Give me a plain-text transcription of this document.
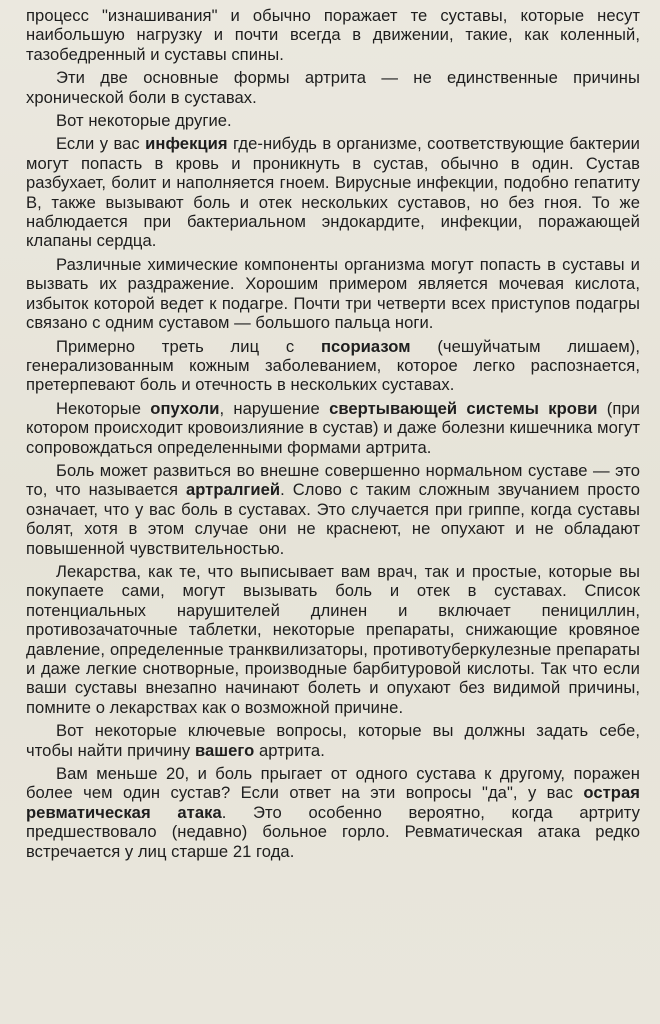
процесс "изнашивания" и обычно поражает те суставы, которые несут наибольшую нагрузку и почти всегда в движении, такие, как коленный, тазобедренный и суставы спины.

Эти две основные формы артрита — не единственные причины хронической боли в суставах.

Вот некоторые другие.

Если у вас инфекция где-нибудь в организме, соответствующие бактерии могут попасть в кровь и проникнуть в сустав, обычно в один. Сустав разбухает, болит и наполняется гноем. Вирусные инфекции, подобно гепатиту В, также вызывают боль и отек нескольких суставов, но без гноя. То же наблюдается при бактериальном эндокардите, инфекции, поражающей клапаны сердца.

Различные химические компоненты организма могут попасть в суставы и вызвать их раздражение. Хорошим примером является мочевая кислота, избыток которой ведет к подагре. Почти три четверти всех приступов подагры связано с одним суставом — большого пальца ноги.

Примерно треть лиц с псориазом (чешуйчатым лишаем), генерализованным кожным заболеванием, которое легко распознается, претерпевают боль и отечность в нескольких суставах.

Некоторые опухоли, нарушение свертывающей системы крови (при котором происходит кровоизлияние в сустав) и даже болезни кишечника могут сопровождаться определенными формами артрита.

Боль может развиться во внешне совершенно нормальном суставе — это то, что называется артралгией. Слово с таким сложным звучанием просто означает, что у вас боль в суставах. Это случается при гриппе, когда суставы болят, хотя в этом случае они не краснеют, не опухают и не обладают повышенной чувствительностью.

Лекарства, как те, что выписывает вам врач, так и простые, которые вы покупаете сами, могут вызывать боль и отек в суставах. Список потенциальных нарушителей длинен и включает пенициллин, противозачаточные таблетки, некоторые препараты, снижающие кровяное давление, определенные транквилизаторы, противотуберкулезные препараты и даже легкие снотворные, производные барбитуровой кислоты. Так что если ваши суставы внезапно начинают болеть и опухают без видимой причины, помните о лекарствах как о возможной причине.

Вот некоторые ключевые вопросы, которые вы должны задать себе, чтобы найти причину вашего артрита.

Вам меньше 20, и боль прыгает от одного сустава к другому, поражен более чем один сустав? Если ответ на эти вопросы "да", у вас острая ревматическая атака. Это особенно вероятно, когда артриту предшествовало (недавно) больное горло. Ревматическая атака редко встречается у лиц старше 21 года.
